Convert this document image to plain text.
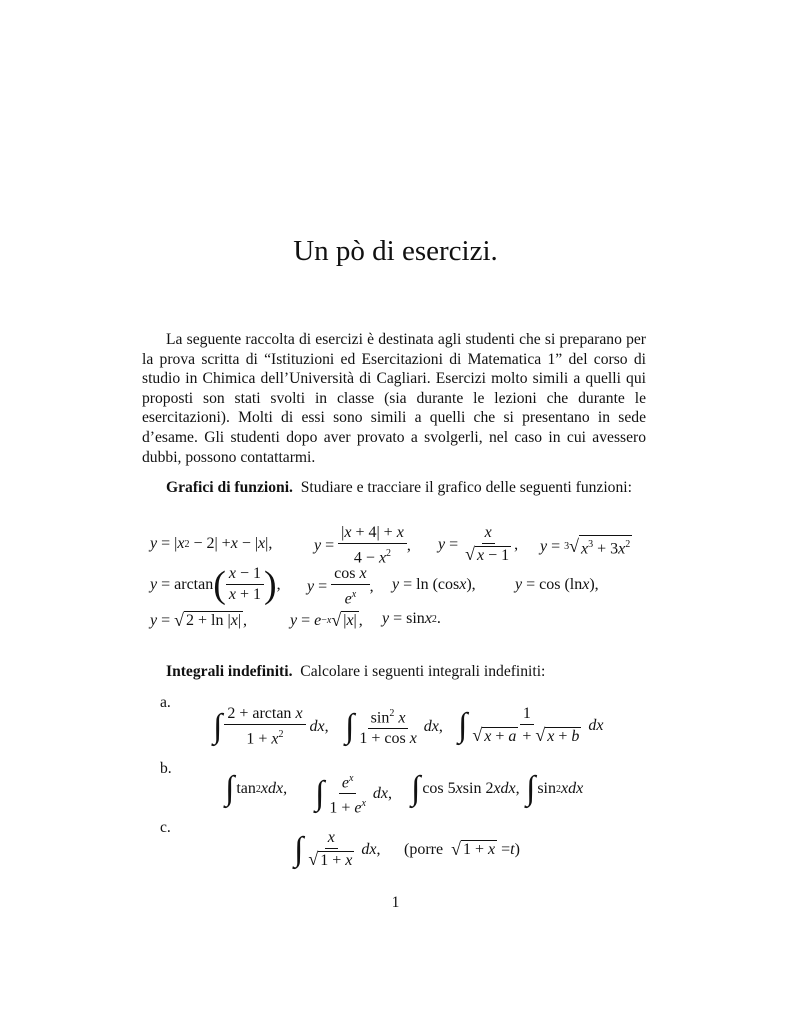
Un pò di esercizi.

La seguente raccolta di esercizi è destinata agli studenti che si preparano per la prova scritta di “Istituzioni ed Esercitazioni di Matematica 1” del corso di studio in Chimica dell’Università di Cagliari. Esercizi molto simili a quelli qui proposti son stati svolti in classe (sia durante le lezioni che durante le esercitazioni). Molti di essi sono simili a quelli che si presentano in sede d’esame. Gli studenti dopo aver provato a svolgerli, nel caso in cui avessero dubbi, possono contattarmi.

Grafici di funzioni. Studiare e tracciare il grafico delle seguenti funzioni:

y = | x 2 − 2| + x − | x |,	$y = \frac{|x + 4| + x}{4 - x^2}$ , $y = \frac{x}{√ x - 1}$ , y = 3 √ $x^3 + 3x^2$
y = arctan ( $\frac{x - 1}{x + 1}$ ) , $y = \frac{\text{cos x}}{e^x}$ , y = ln (cos x ), y = cos (ln x ),
y = √ 2 + ln |x| ,	y = e −x √ |x| , y = sin x 2 .

Integrali indefiniti. Calcolare i seguenti integrali indefiniti:

a.
∫ $\frac{\text{2 + arctan x}}{1 + x^2}$
dx , ∫ $\frac{\sin^2 x}{\text{1 + cos x}}$
dx , ∫ $\frac{1}{√ x + a + √ x + b}$
dx
b.
∫ tan 2 xdx , ∫ $\frac{e^x}{1 + e^x}$
dx , ∫ cos 5 x sin 2 xdx , ∫ sin 2 xdx
c.
∫ $\frac{x}{√ 1 + x}$
dx , (porre
√ 1 + x = t )
1
